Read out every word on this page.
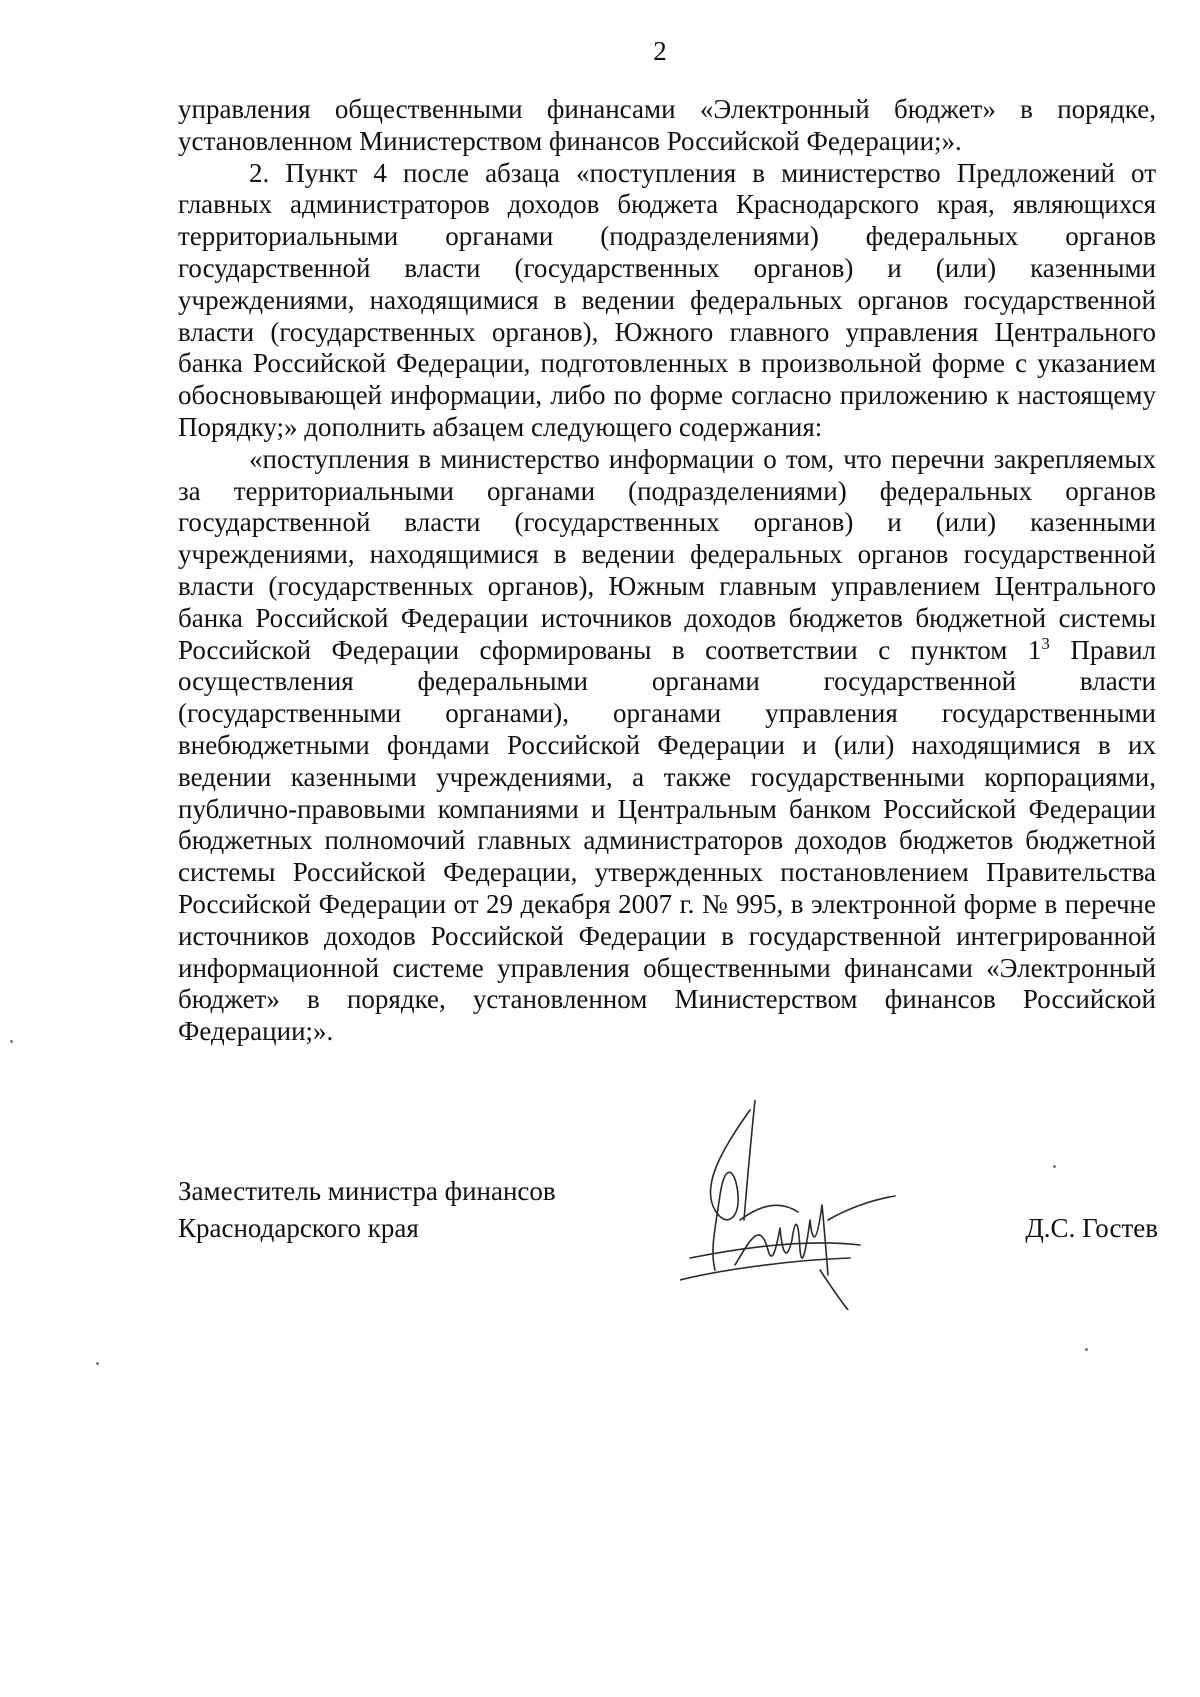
2

управления общественными финансами «Электронный бюджет» в порядке, установленном Министерством финансов Российской Федерации;».

2. Пункт 4 после абзаца «поступления в министерство Предложений от главных администраторов доходов бюджета Краснодарского края, являющихся территориальными органами (подразделениями) федеральных органов государственной власти (государственных органов) и (или) казенными учреждениями, находящимися в ведении федеральных органов государственной власти (государственных органов), Южного главного управления Центрального банка Российской Федерации, подготовленных в произвольной форме с указанием обосновывающей информации, либо по форме согласно приложению к настоящему Порядку;» дополнить абзацем следующего содержания:

«поступления в министерство информации о том, что перечни закрепляемых за территориальными органами (подразделениями) федеральных органов государственной власти (государственных органов) и (или) казенными учреждениями, находящимися в ведении федеральных органов государственной власти (государственных органов), Южным главным управлением Центрального банка Российской Федерации источников доходов бюджетов бюджетной системы Российской Федерации сформированы в соответствии с пунктом $1^3$ Правил осуществления федеральными органами государственной власти (государственными органами), органами управления государственными внебюджетными фондами Российской Федерации и (или) находящимися в их ведении казенными учреждениями, а также государственными корпорациями, публично-правовыми компаниями и Центральным банком Российской Федерации бюджетных полномочий главных администраторов доходов бюджетов бюджетной системы Российской Федерации, утвержденных постановлением Правительства Российской Федерации от 29 декабря 2007 г. № 995, в электронной форме в перечне источников доходов Российской Федерации в государственной интегрированной информационной системе управления общественными финансами «Электронный бюджет» в порядке, установленном Министерством финансов Российской Федерации;».

Заместитель министра финансов
Краснодарского края	Д.С. Гостев
